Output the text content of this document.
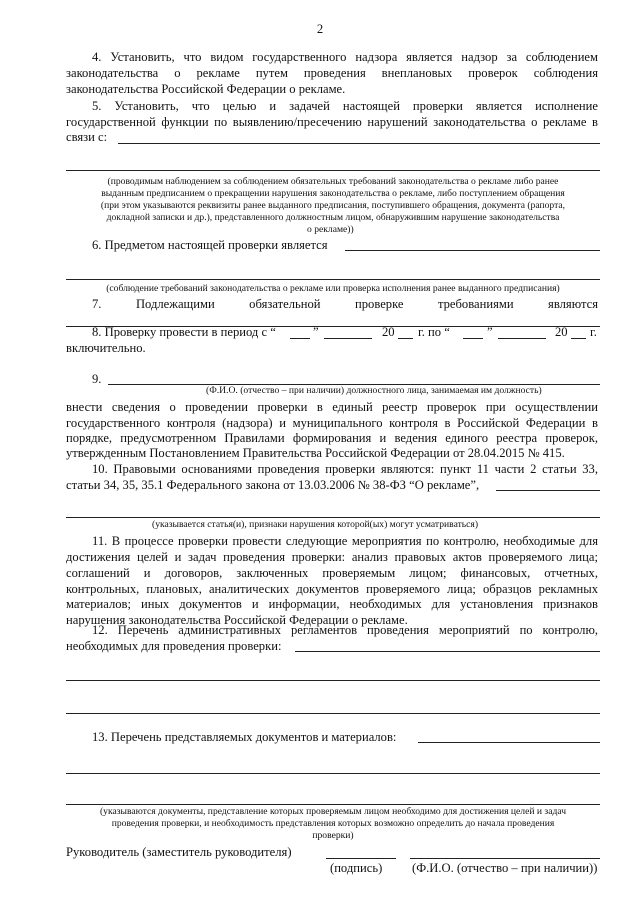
2
4. Установить, что видом государственного надзора является надзор за соблюдением
законодательства о рекламе путем проведения внеплановых проверок соблюдения
законодательства Российской Федерации о рекламе.
5. Установить, что целью и задачей настоящей проверки является исполнение
государственной функции по выявлению/пресечению нарушений законодательства о рекламе в
связи с:
(проводимым наблюдением за соблюдением обязательных требований законодательства о рекламе либо ранее
выданным предписанием о прекращении нарушения законодательства о рекламе, либо поступлением обращения
(при этом указываются реквизиты ранее выданного предписания, поступившего обращения, документа (рапорта,
докладной записки и др.), представленного должностным лицом, обнаружившим нарушение законодательства
о рекламе))
6. Предметом настоящей проверки является
(соблюдение требований законодательства о рекламе или проверка исполнения ранее выданного предписания)
7. Подлежащими обязательной проверке требованиями являются
8. Проверку провести в период с “	”	20 г. по “	”	20 г.
включительно.
9.
(Ф.И.О. (отчество – при наличии) должностного лица, занимаемая им должность)
внести сведения о проведении проверки в единый реестр проверок при осуществлении
государственного контроля (надзора) и муниципального контроля в Российской Федерации в
порядке, предусмотренном Правилами формирования и ведения единого реестра проверок,
утвержденным Постановлением Правительства Российской Федерации от 28.04.2015 № 415.
10. Правовыми основаниями проведения проверки являются: пункт 11 части 2 статьи 33,
статьи 34, 35, 35.1 Федерального закона от 13.03.2006 № 38-ФЗ “О рекламе”,
(указывается статья(и), признаки нарушения которой(ых) могут усматриваться)
11. В процессе проверки провести следующие мероприятия по контролю, необходимые для
достижения целей и задач проведения проверки: анализ правовых актов проверяемого лица;
соглашений и договоров, заключенных проверяемым лицом; финансовых, отчетных,
контрольных, плановых, аналитических документов проверяемого лица; образцов рекламных
материалов; иных документов и информации, необходимых для установления признаков
нарушения законодательства Российской Федерации о рекламе.
12. Перечень административных регламентов проведения мероприятий по контролю,
необходимых для проведения проверки:
13. Перечень представляемых документов и материалов:
(указываются документы, представление которых проверяемым лицом необходимо для достижения целей и задач
проведения проверки, и необходимость представления которых возможно определить до начала проведения
проверки)
Руководитель (заместитель руководителя)
(подпись) (Ф.И.О. (отчество – при наличии))
